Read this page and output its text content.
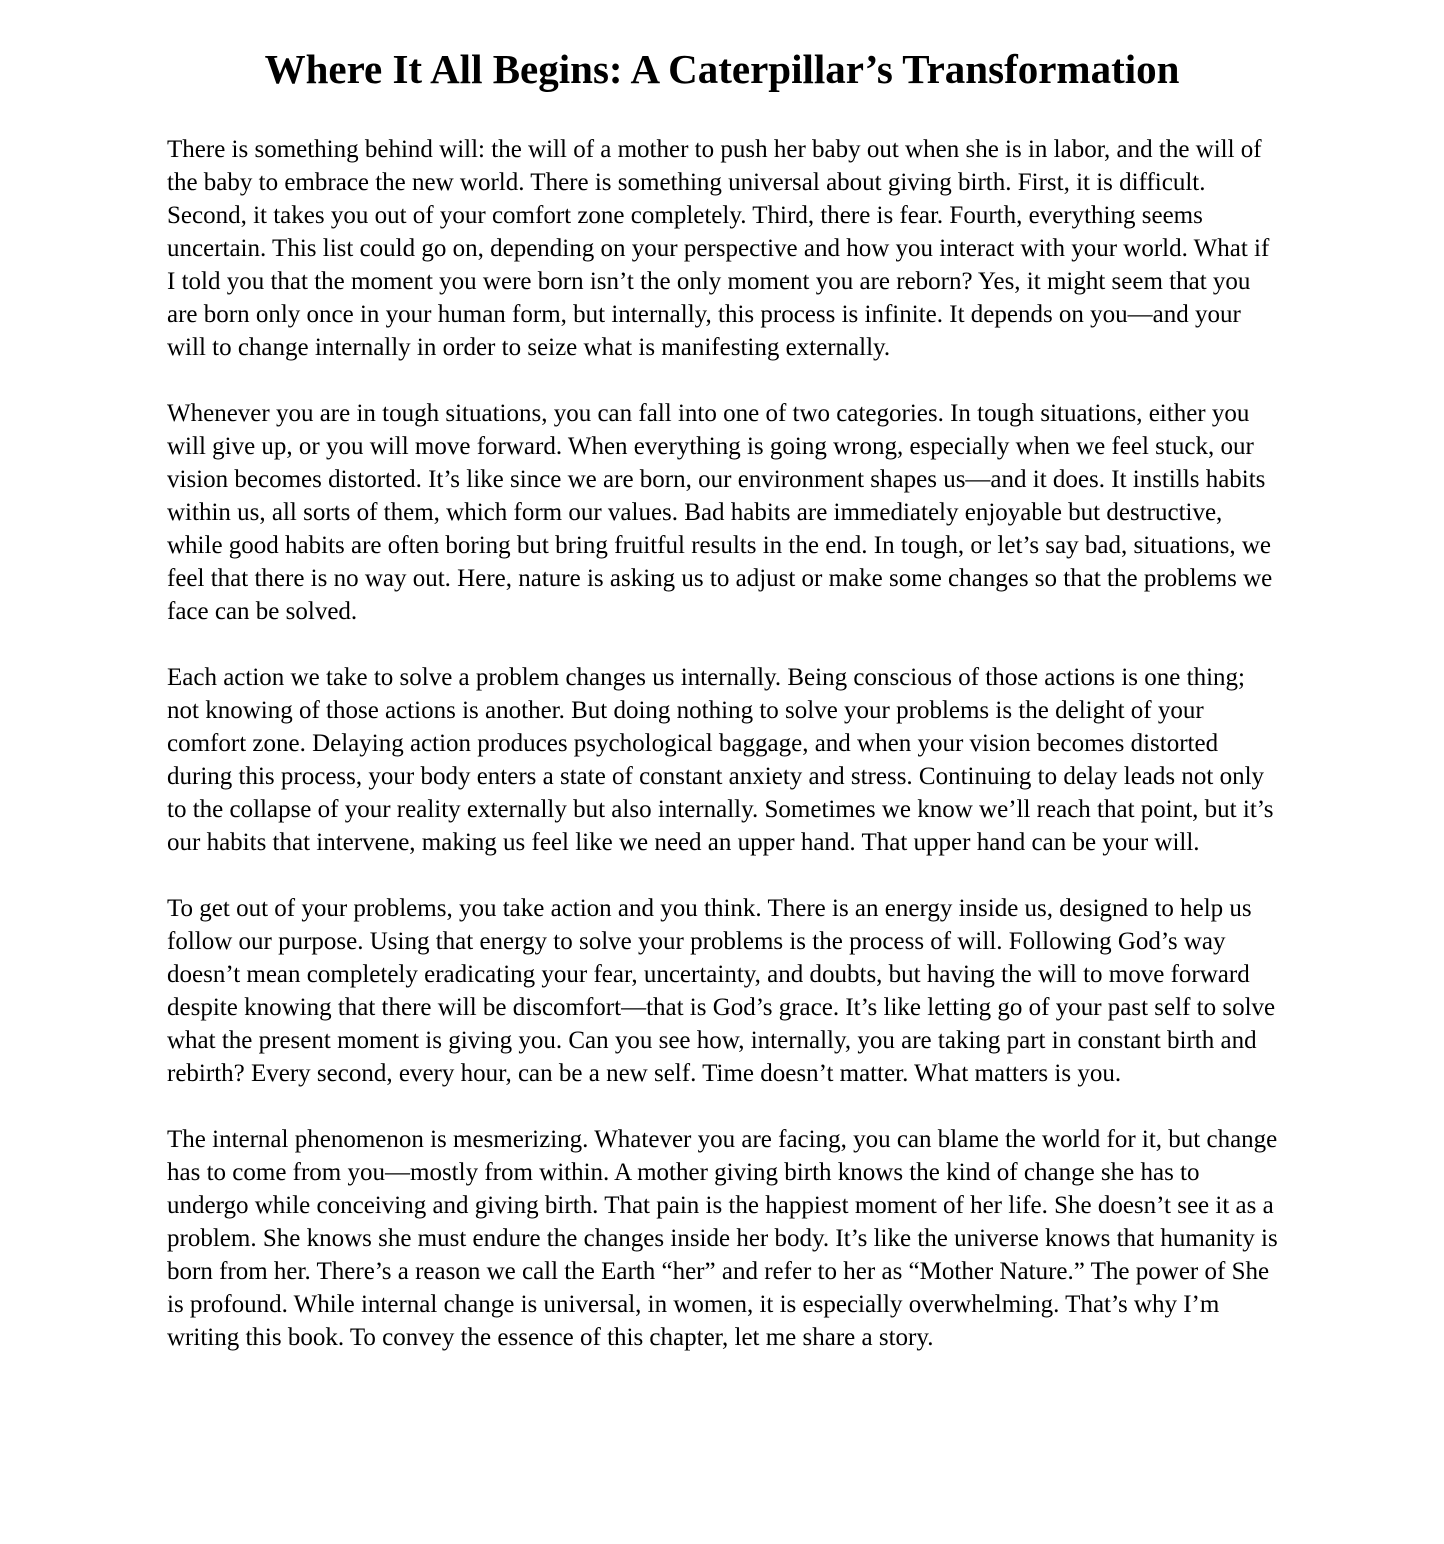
Where It All Begins: A Caterpillar’s Transformation

There is something behind will: the will of a mother to push her baby out when she is in labor, and the will of the baby to embrace the new world. There is something universal about giving birth. First, it is difficult. Second, it takes you out of your comfort zone completely. Third, there is fear. Fourth, everything seems uncertain. This list could go on, depending on your perspective and how you interact with your world. What if I told you that the moment you were born isn’t the only moment you are reborn? Yes, it might seem that you are born only once in your human form, but internally, this process is infinite. It depends on you—and your will to change internally in order to seize what is manifesting externally.

Whenever you are in tough situations, you can fall into one of two categories. In tough situations, either you will give up, or you will move forward. When everything is going wrong, especially when we feel stuck, our vision becomes distorted. It’s like since we are born, our environment shapes us—and it does. It instills habits within us, all sorts of them, which form our values. Bad habits are immediately enjoyable but destructive, while good habits are often boring but bring fruitful results in the end. In tough, or let’s say bad, situations, we feel that there is no way out. Here, nature is asking us to adjust or make some changes so that the problems we face can be solved.

Each action we take to solve a problem changes us internally. Being conscious of those actions is one thing; not knowing of those actions is another. But doing nothing to solve your problems is the delight of your comfort zone. Delaying action produces psychological baggage, and when your vision becomes distorted during this process, your body enters a state of constant anxiety and stress. Continuing to delay leads not only to the collapse of your reality externally but also internally. Sometimes we know we’ll reach that point, but it’s our habits that intervene, making us feel like we need an upper hand. That upper hand can be your will.

To get out of your problems, you take action and you think. There is an energy inside us, designed to help us follow our purpose. Using that energy to solve your problems is the process of will. Following God’s way doesn’t mean completely eradicating your fear, uncertainty, and doubts, but having the will to move forward despite knowing that there will be discomfort—that is God’s grace. It’s like letting go of your past self to solve what the present moment is giving you. Can you see how, internally, you are taking part in constant birth and rebirth? Every second, every hour, can be a new self. Time doesn’t matter. What matters is you.

The internal phenomenon is mesmerizing. Whatever you are facing, you can blame the world for it, but change has to come from you—mostly from within. A mother giving birth knows the kind of change she has to undergo while conceiving and giving birth. That pain is the happiest moment of her life. She doesn’t see it as a problem. She knows she must endure the changes inside her body. It’s like the universe knows that humanity is born from her. There’s a reason we call the Earth “her” and refer to her as “Mother Nature.” The power of She is profound. While internal change is universal, in women, it is especially overwhelming. That’s why I’m writing this book. To convey the essence of this chapter, let me share a story.
